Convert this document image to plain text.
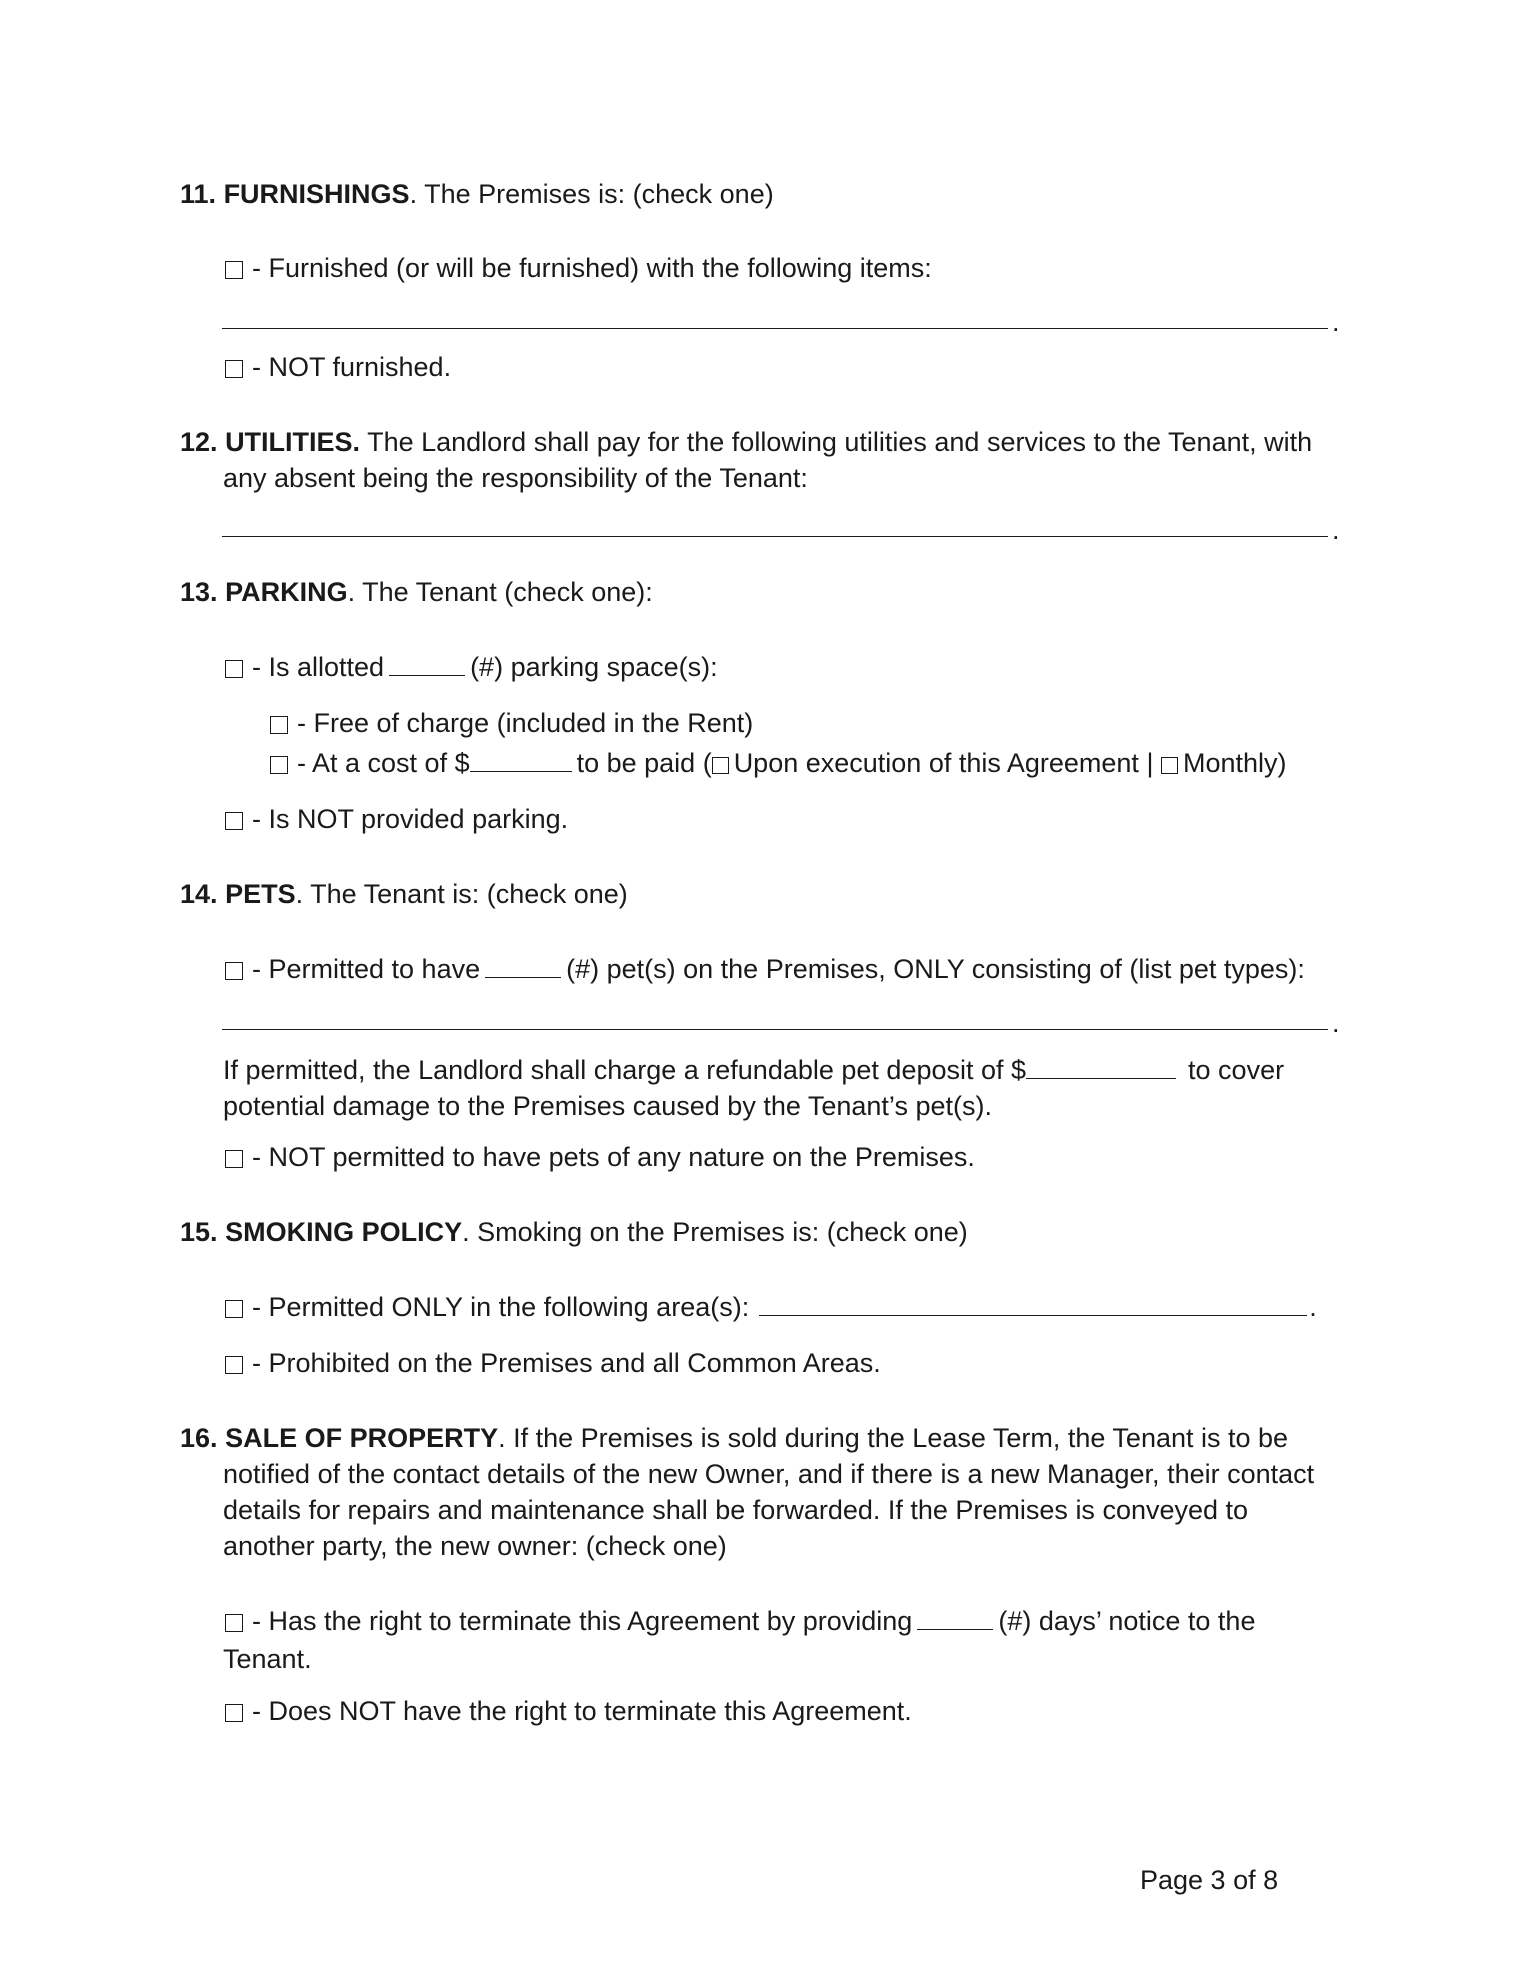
11. FURNISHINGS. The Premises is: (check one)
- Furnished (or will be furnished) with the following items:
.
- NOT furnished.
12. UTILITIES. The Landlord shall pay for the following utilities and services to the Tenant, with
any absent being the responsibility of the Tenant:
.
13. PARKING. The Tenant (check one):
- Is allotted	(#) parking space(s):
- Free of charge (included in the Rent)
- At a cost of $	to be paid ( Upon execution of this Agreement | Monthly)
- Is NOT provided parking.
14. PETS. The Tenant is: (check one)
- Permitted to have	(#) pet(s) on the Premises, ONLY consisting of (list pet types):
.
If permitted, the Landlord shall charge a refundable pet deposit of $	to cover
potential damage to the Premises caused by the Tenant’s pet(s).
- NOT permitted to have pets of any nature on the Premises.
15. SMOKING POLICY. Smoking on the Premises is: (check one)
- Permitted ONLY in the following area(s):	.
- Prohibited on the Premises and all Common Areas.
16. SALE OF PROPERTY. If the Premises is sold during the Lease Term, the Tenant is to be
notified of the contact details of the new Owner, and if there is a new Manager, their contact
details for repairs and maintenance shall be forwarded. If the Premises is conveyed to
another party, the new owner: (check one)
- Has the right to terminate this Agreement by providing	(#) days’ notice to the
Tenant.
- Does NOT have the right to terminate this Agreement.
Page 3 of 8
